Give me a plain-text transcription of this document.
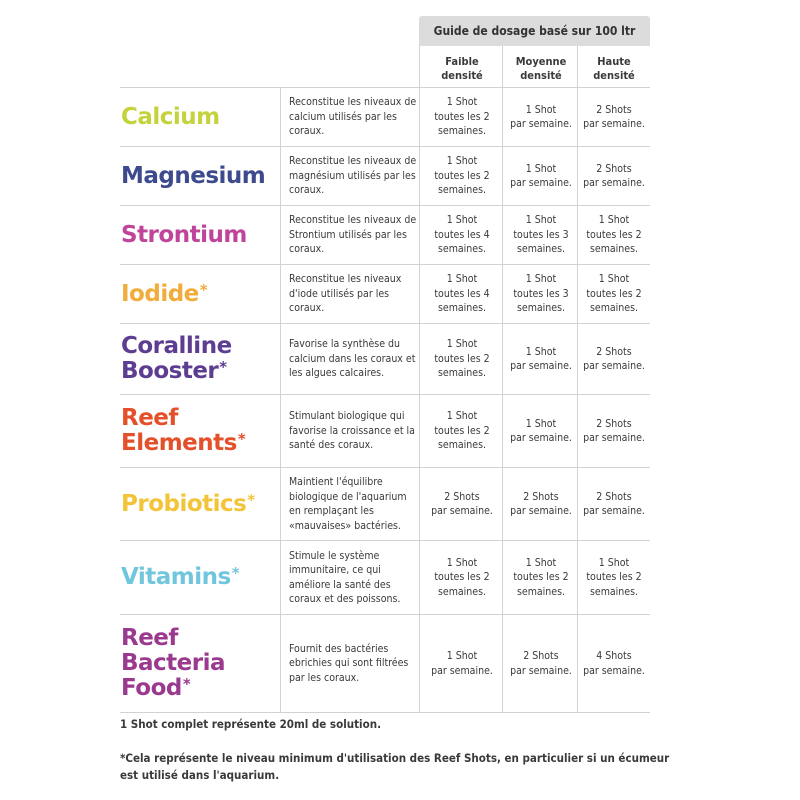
Guide de dosage basé sur 100 ltr
Faible
densité
Moyenne
densité
Haute
densité
Calcium
Reconstitue les niveaux de calcium utilisés par les coraux.
1 Shot
toutes les 2
semaines.
1 Shot
par semaine.
2 Shots
par semaine.
Magnesium
Reconstitue les niveaux de magnésium utilisés par les coraux.
1 Shot
toutes les 2
semaines.
1 Shot
par semaine.
2 Shots
par semaine.
Strontium
Reconstitue les niveaux de Strontium utilisés par les coraux.
1 Shot
toutes les 4
semaines.
1 Shot
toutes les 3
semaines.
1 Shot
toutes les 2
semaines.
Iodide*
Reconstitue les niveaux d'iode utilisés par les coraux.
1 Shot
toutes les 4
semaines.
1 Shot
toutes les 3
semaines.
1 Shot
toutes les 2
semaines.
Coralline
Booster*
Favorise la synthèse du calcium dans les coraux et les algues calcaires.
1 Shot
toutes les 2
semaines.
1 Shot
par semaine.
2 Shots
par semaine.
Reef
Elements*
Stimulant biologique qui favorise la croissance et la santé des coraux.
1 Shot
toutes les 2
semaines.
1 Shot
par semaine.
2 Shots
par semaine.
Probiotics*
Maintient l'équilibre biologique de l'aquarium en remplaçant les «mauvaises» bactéries.
2 Shots
par semaine.
2 Shots
par semaine.
2 Shots
par semaine.
Vitamins*
Stimule le système immunitaire, ce qui améliore la santé des coraux et des poissons.
1 Shot
toutes les 2
semaines.
1 Shot
toutes les 2
semaines.
1 Shot
toutes les 2
semaines.
Reef
Bacteria
Food*
Fournit des bactéries ebrichies qui sont filtrées par les coraux.
1 Shot
par semaine.
2 Shots
par semaine.
4 Shots
par semaine.
1 Shot complet représente 20ml de solution.
*Cela représente le niveau minimum d'utilisation des Reef Shots, en particulier si un écumeur est utilisé dans l'aquarium.
